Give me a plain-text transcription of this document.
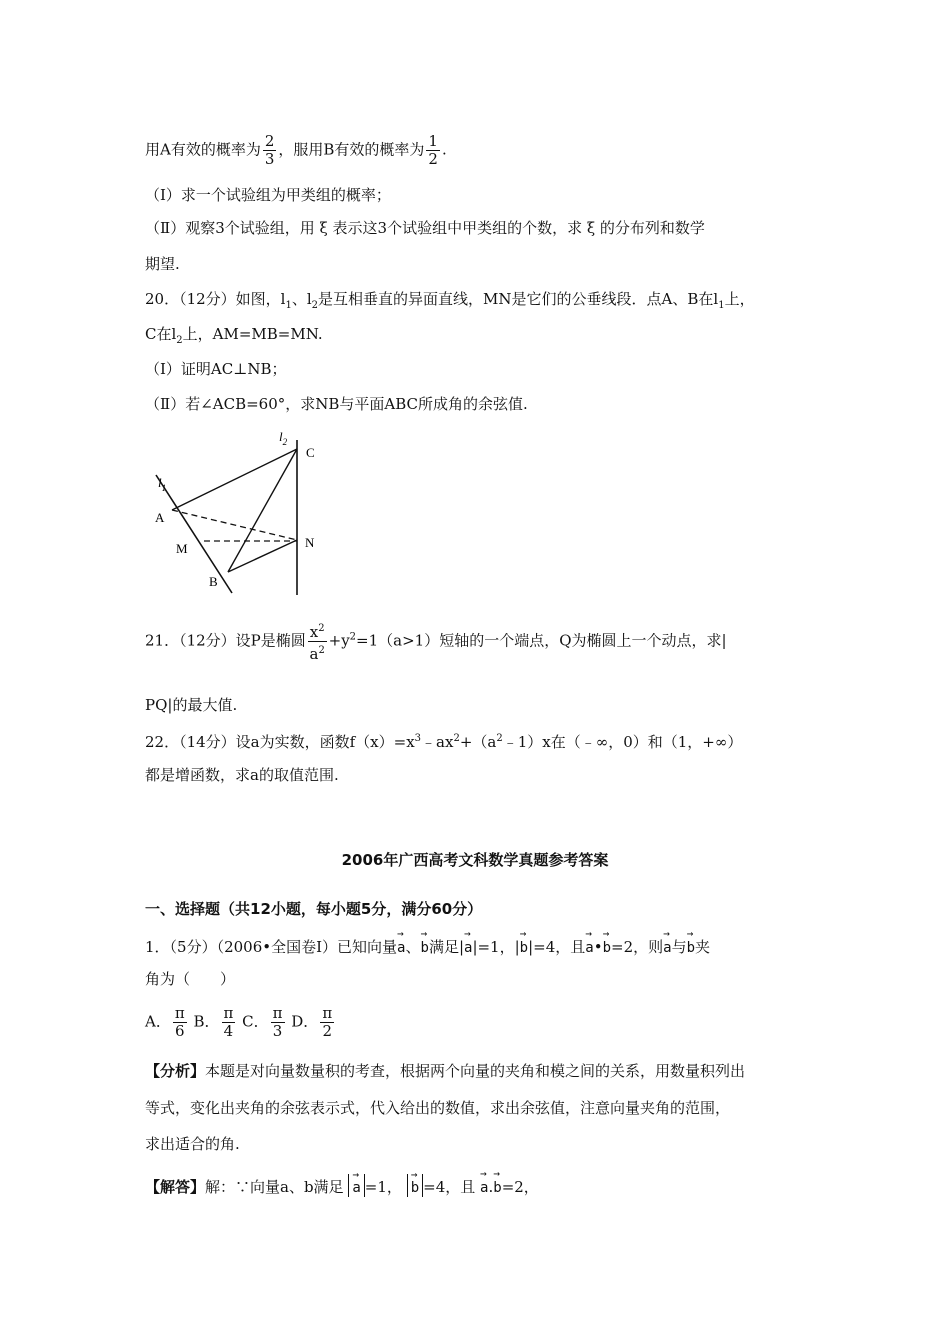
用A有效的概率为 $\frac{2}{3}$ ，服用B有效的概率为 $\frac{1}{2}$ .
（Ⅰ）求一个试验组为甲类组的概率；
（Ⅱ）观察3个试验组，用 ξ 表示这3个试验组中甲类组的个数，求 ξ 的分布列和数学
期望.
20．（12分）如图，$l_1$、$l_2$是互相垂直的异面直线，MN是它们的公垂线段．点A、B在$l_1$上，
C在$l_2$上，AM=MB=MN.
（Ⅰ）证明AC⊥NB；
（Ⅱ）若∠ACB=60°，求NB与平面ABC所成角的余弦值.
$l_1$
$l_2$
A
M
B
C
N
21．（12分）设P是椭圆 $\frac{x^2}{a^2} +y^2=1(a>1)$短轴的一个端点，Q为椭圆上一个动点，求|
PQ|的最大值.
22．（14分）设a为实数，函数$f(x)=x^3﹣ax^2+(a^2﹣1)x$在（﹣∞，0）和（1，+∞）
都是增函数，求a的取值范围.
2006年广西高考文科数学真题参考答案
一、选择题（共12小题，每小题5分，满分60分）
1．（5分）（2006•全国卷Ⅰ）已知向量→ a、→ b满足|→ a|=1，|→ b|=4，且→ a•→ b=2，则→ a与→ b夹
角为（　　）
A． $\frac{\pi}{6}$ B． $\frac{\pi}{4}$ C． $\frac{\pi}{3}$ D． $\frac{\pi}{2}$
【分析】本题是对向量数量积的考查，根据两个向量的夹角和模之间的关系，用数量积列出
等式，变化出夹角的余弦表示式，代入给出的数值，求出余弦值，注意向量夹角的范围，
求出适合的角.
【解答】解：∵向量a、b满足 → a =1， → b =4，且 → a.→ b=2，
